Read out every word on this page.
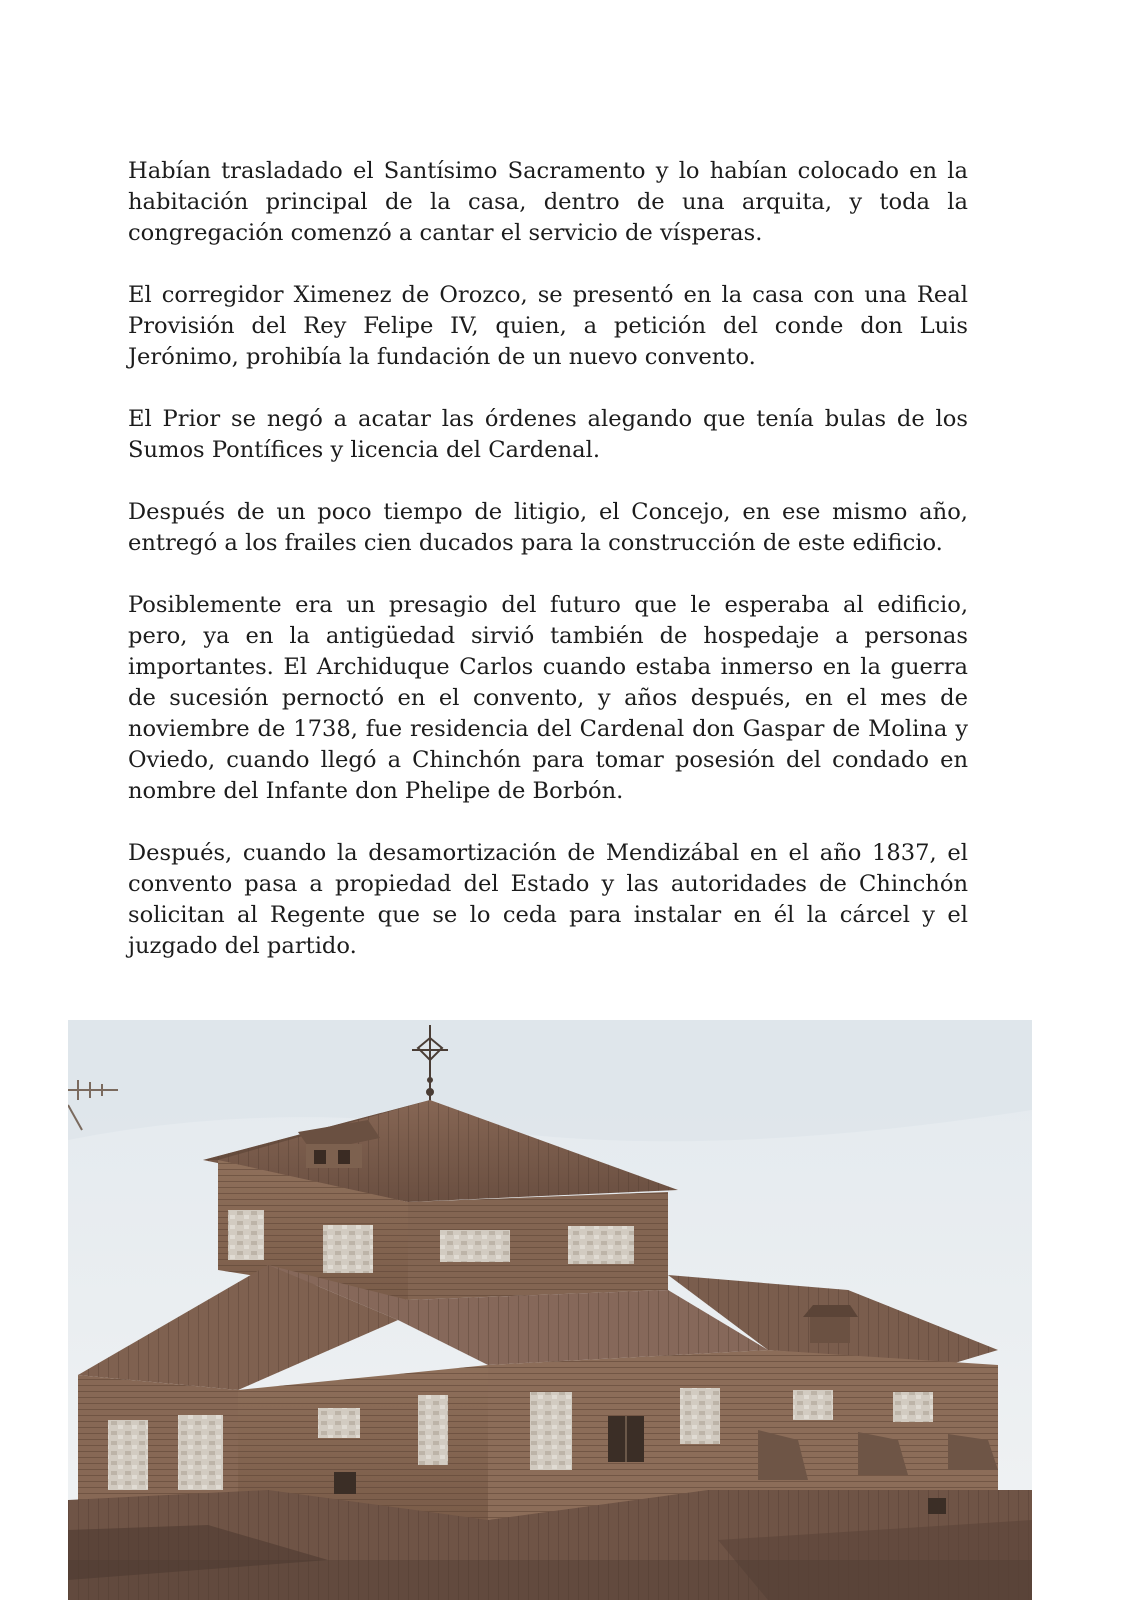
Habían trasladado el Santísimo Sacramento y lo habían colocado en la habitación principal de la casa, dentro de una arquita, y toda la congregación comenzó a cantar el servicio de vísperas.

El corregidor Ximenez de Orozco, se presentó en la casa con una Real Provisión del Rey Felipe IV, quien, a petición del conde don Luis Jerónimo, prohibía la fundación de un nuevo convento.

El Prior se negó a acatar las órdenes alegando que tenía bulas de los Sumos Pontífices y licencia del Cardenal.

Después de un poco tiempo de litigio, el Concejo, en ese mismo año, entregó a los frailes cien ducados para la construcción de este edificio.

Posiblemente era un presagio del futuro que le esperaba al edificio, pero, ya en la antigüedad sirvió también de hospedaje a personas importantes. El Archiduque Carlos cuando estaba inmerso en la guerra de sucesión pernoctó en el convento, y años después, en el mes de noviembre de 1738, fue residencia del Cardenal don Gaspar de Molina y Oviedo, cuando llegó a Chinchón para tomar posesión del condado en nombre del Infante don Phelipe de Borbón.

Después, cuando la desamortización de Mendizábal en el año 1837, el convento pasa a propiedad del Estado y las autoridades de Chinchón solicitan al Regente que se lo ceda para instalar en él la cárcel y el juzgado del partido.
